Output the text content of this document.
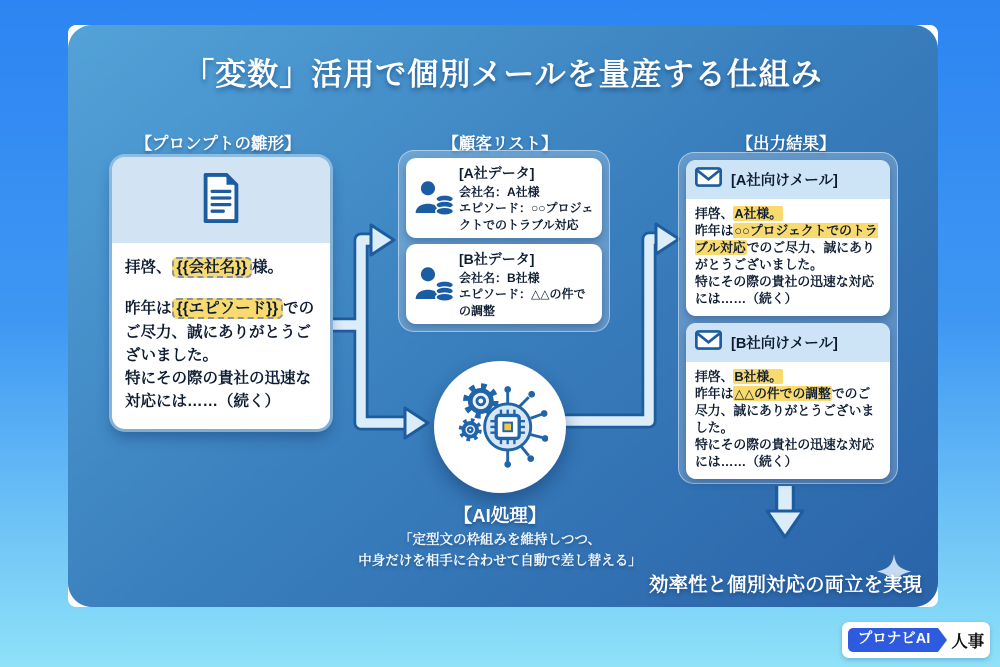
「変数」活用で個別メールを量産する仕組み
【プロンプトの雛形】	【顧客リスト】	【出力結果】

拝啓、 {{会社名}} 様。

昨年は {{エピソード}} でのご尽力、誠にありがとうございました。

特にその際の貴社の迅速な対応には……（続く）

[A社データ]
会社名：A社様
エピソード：○○プロジェクトでのトラブル対応
[B社データ]
会社名：B社様
エピソード：△△の件での調整
【AI処理】
「定型文の枠組みを維持しつつ、
中身だけを相手に合わせて自動で差し替える」
[A社向けメール]

拝啓、A社様。

昨年は○○プロジェクトでのトラブル対応でのご尽力、誠にありがとうございました。

特にその際の貴社の迅速な対応には……（続く）

[B社向けメール]

拝啓、B社様。

昨年は△△の件での調整でのご尽力、誠にありがとうございました。

特にその際の貴社の迅速な対応には……（続く）

効率性と個別対応の両立を実現
プロナビAI	人事
